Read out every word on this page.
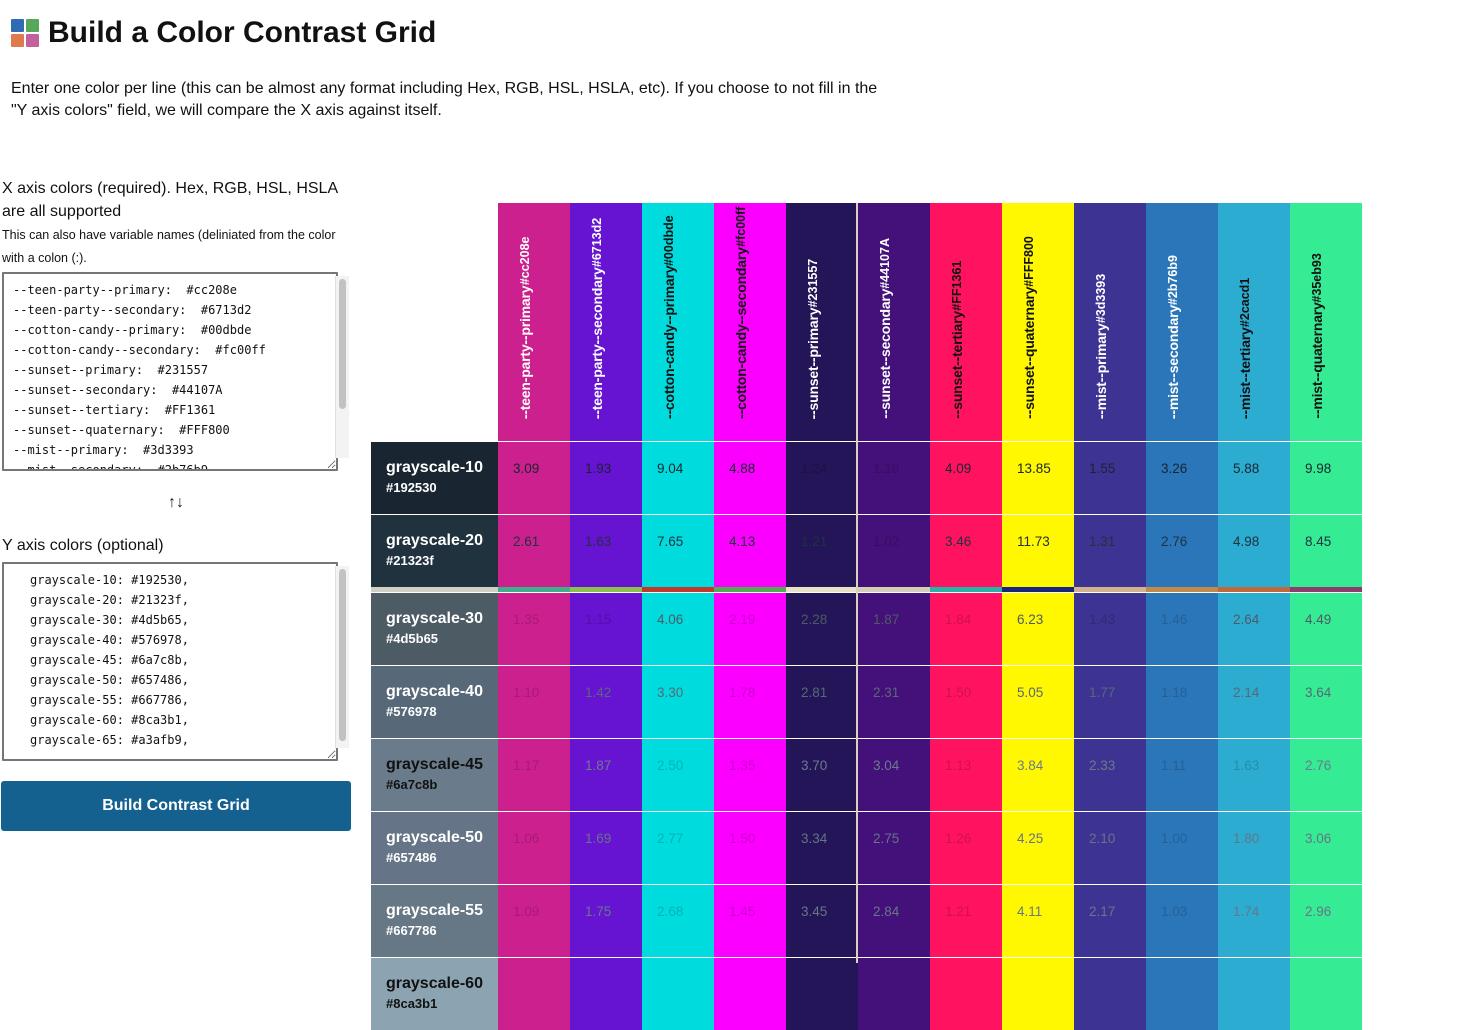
Build a Color Contrast Grid

Enter one color per line (this can be almost any format including Hex, RGB, HSL, HSLA, etc). If you choose to not fill in the "Y axis colors" field, we will compare the X axis against itself.

X axis colors (required). Hex, RGB, HSL, HSLA are all supported
This can also have variable names (deliniated from the color with a colon (:).
--teen-party--primary: #cc208e --teen-party--secondary: #6713d2 --cotton-candy--primary: #00dbde --cotton-candy--secondary: #fc00ff --sunset--primary: #231557 --sunset--secondary: #44107A --sunset--tertiary: #FF1361 --sunset--quaternary: #FFF800 --mist--primary: #3d3393 --mist--secondary: #2b76b9
↑↓
Y axis colors (optional)
grayscale-10: #192530, grayscale-20: #21323f, grayscale-30: #4d5b65, grayscale-40: #576978, grayscale-45: #6a7c8b, grayscale-50: #657486, grayscale-55: #667786, grayscale-60: #8ca3b1, grayscale-65: #a3afb9,
Build Contrast Grid
--teen-party--primary
#cc208e
--teen-party--secondary
#6713d2
--cotton-candy--primary
#00dbde
--cotton-candy--secondary
#fc00ff
--sunset--primary
#231557
--sunset--secondary
#44107A
--sunset--tertiary
#FF1361
--sunset--quaternary
#FFF800
--mist--primary
#3d3393
--mist--secondary
#2b76b9
--mist--tertiary
#2cacd1
--mist--quaternary
#35eb93
grayscale-10
#192530
3.09	1.93	9.04	4.88	1.24	1.16	4.09	13.85	1.55	3.26	5.88	9.98
grayscale-20
#21323f
2.61	1.63	7.65	4.13	1.21	1.02	3.46	11.73	1.31	2.76	4.98	8.45
grayscale-30
#4d5b65
1.35	1.15	4.06	2.19	2.28	1.87	1.84	6.23	1.43	1.46	2.64	4.49
grayscale-40
#576978
1.10	1.42	3.30	1.78	2.81	2.31	1.50	5.05	1.77	1.18	2.14	3.64
grayscale-45
#6a7c8b
1.17	1.87	2.50	1.35	3.70	3.04	1.13	3.84	2.33	1.11	1.63	2.76
grayscale-50
#657486
1.06	1.69	2.77	1.50	3.34	2.75	1.26	4.25	2.10	1.00	1.80	3.06
grayscale-55
#667786
1.09	1.75	2.68	1.45	3.45	2.84	1.21	4.11	2.17	1.03	1.74	2.96
grayscale-60
#8ca3b1
